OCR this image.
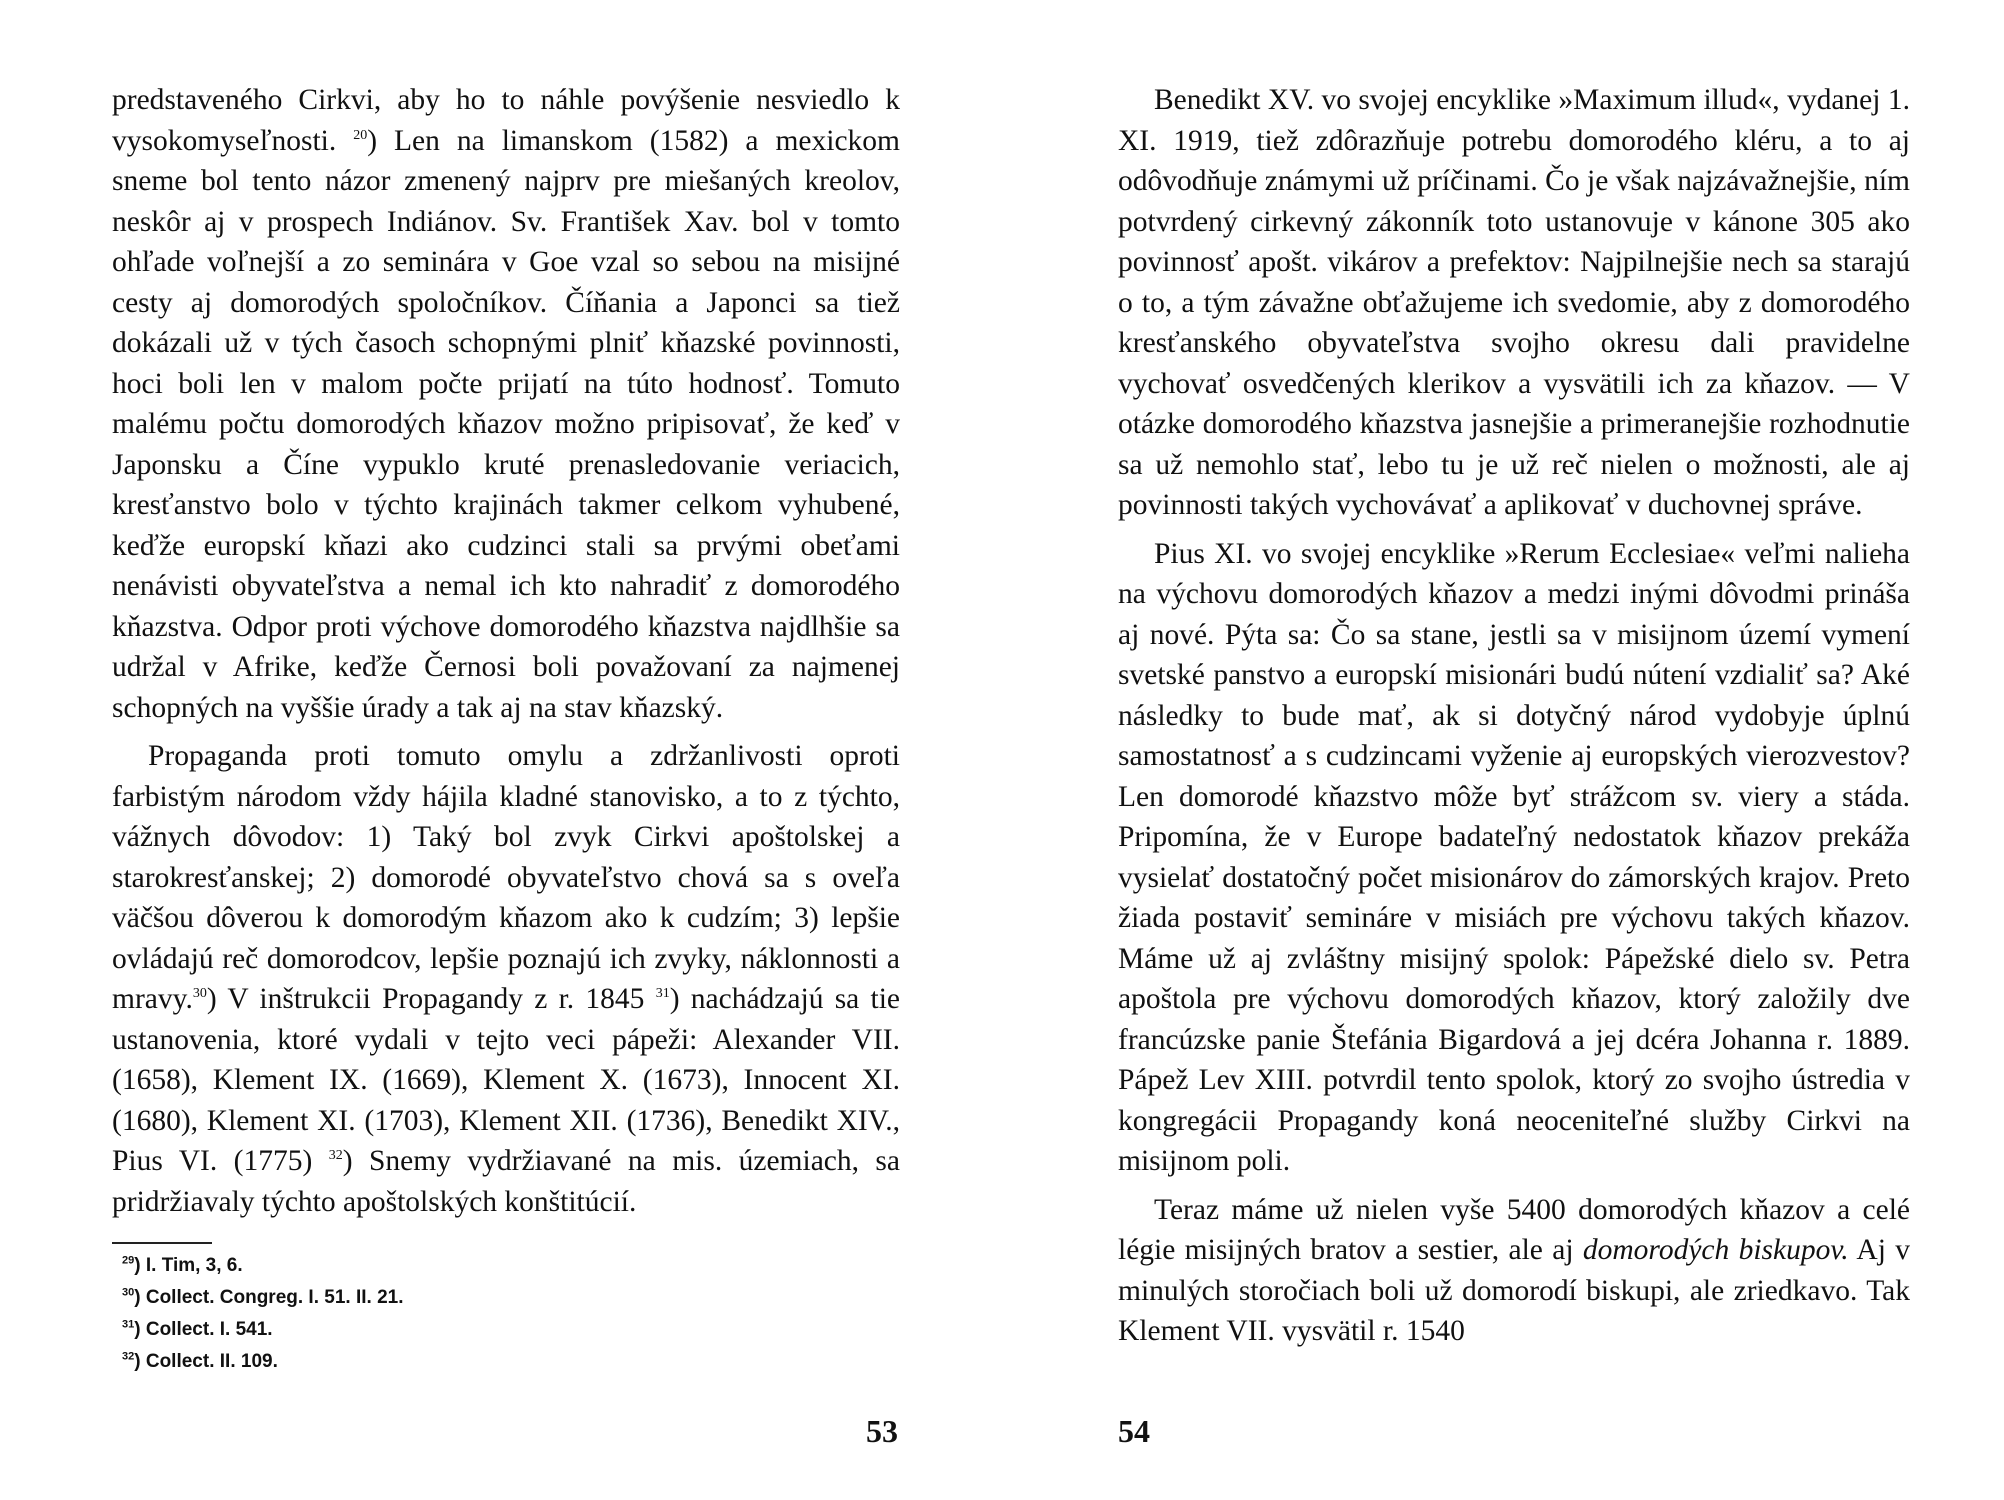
predstaveného Cirkvi, aby ho to náhle povýšenie nesviedlo k vysokomyseľnosti. $^{20}$) Len na limanskom (1582) a mexickom sneme bol tento názor zmenený najprv pre miešaných kreolov, neskôr aj v prospech Indiánov. Sv. František Xav. bol v tomto ohľade voľnejší a zo seminára v Goe vzal so sebou na misijné cesty aj domorodých spoločníkov. Číňania a Japonci sa tiež dokázali už v tých časoch schopnými plniť kňazské povinnosti, hoci boli len v malom počte prijatí na túto hodnosť. Tomuto malému počtu domorodých kňazov možno pripisovať, že keď v Japonsku a Číne vypuklo kruté prenasledovanie veriacich, kresťanstvo bolo v týchto krajinách takmer celkom vyhubené, keďže europskí kňazi ako cudzinci stali sa prvými obeťami nenávisti obyvateľstva a nemal ich kto nahradiť z domorodého kňazstva. Odpor proti výchove domorodého kňazstva najdlhšie sa udržal v Afrike, keďže Černosi boli považovaní za najmenej schopných na vyššie úrady a tak aj na stav kňazský.

Propaganda proti tomuto omylu a zdržanlivosti oproti farbistým národom vždy hájila kladné stanovisko, a to z týchto, vážnych dôvodov: 1) Taký bol zvyk Cirkvi apoštolskej a starokresťanskej; 2) domorodé obyvateľstvo chová sa s oveľa väčšou dôverou k domorodým kňazom ako k cudzím; 3) lepšie ovládajú reč domorodcov, lepšie poznajú ich zvyky, náklonnosti a mravy.$^{30}$) V inštrukcii Propagandy z r. 1845 $^{31}$) nachádzajú sa tie ustanovenia, ktoré vydali v tejto veci pápeži: Alexander VII. (1658), Klement IX. (1669), Klement X. (1673), Innocent XI. (1680), Klement XI. (1703), Klement XII. (1736), Benedikt XIV., Pius VI. (1775) $^{32}$) Snemy vydržiavané na mis. územiach, sa pridržiavaly týchto apoštolských konštitúcií.

$^{29}$) I. Tim, 3, 6.

$^{30}$) Collect. Congreg. I. 51. II. 21.

$^{31}$) Collect. I. 541.

$^{32}$) Collect. II. 109.

53

Benedikt XV. vo svojej encyklike »Maximum illud«, vydanej 1. XI. 1919, tiež zdôrazňuje potrebu domorodého kléru, a to aj odôvodňuje známymi už príčinami. Čo je však najzávažnejšie, ním potvrdený cirkevný zákonník toto ustanovuje v kánone 305 ako povinnosť apošt. vikárov a prefektov: Najpilnejšie nech sa starajú o to, a tým závažne obťažujeme ich svedomie, aby z domorodého kresťanského obyvateľstva svojho okresu dali pravidelne vychovať osvedčených klerikov a vysvätili ich za kňazov. — V otázke domorodého kňazstva jasnejšie a primeranejšie rozhodnutie sa už nemohlo stať, lebo tu je už reč nielen o možnosti, ale aj povinnosti takých vychovávať a aplikovať v duchovnej správe.

Pius XI. vo svojej encyklike »Rerum Ecclesiae« veľmi nalieha na výchovu domorodých kňazov a medzi inými dôvodmi prináša aj nové. Pýta sa: Čo sa stane, jestli sa v misijnom území vymení svetské panstvo a europskí misionári budú nútení vzdialiť sa? Aké následky to bude mať, ak si dotyčný národ vydobyje úplnú samostatnosť a s cudzincami vyženie aj europských vierozvestov? Len domorodé kňazstvo môže byť strážcom sv. viery a stáda. Pripomína, že v Europe badateľný nedostatok kňazov prekáža vysielať dostatočný počet misionárov do zámorských krajov. Preto žiada postaviť semináre v misiách pre výchovu takých kňazov. Máme už aj zvláštny misijný spolok: Pápežské dielo sv. Petra apoštola pre výchovu domorodých kňazov, ktorý založily dve francúzske panie Štefánia Bigardová a jej dcéra Johanna r. 1889. Pápež Lev XIII. potvrdil tento spolok, ktorý zo svojho ústredia v kongregácii Propagandy koná neoceniteľné služby Cirkvi na misijnom poli.

Teraz máme už nielen vyše 5400 domorodých kňazov a celé légie misijných bratov a sestier, ale aj domorodých biskupov. Aj v minulých storočiach boli už domorodí biskupi, ale zriedkavo. Tak Klement VII. vysvätil r. 1540

54
